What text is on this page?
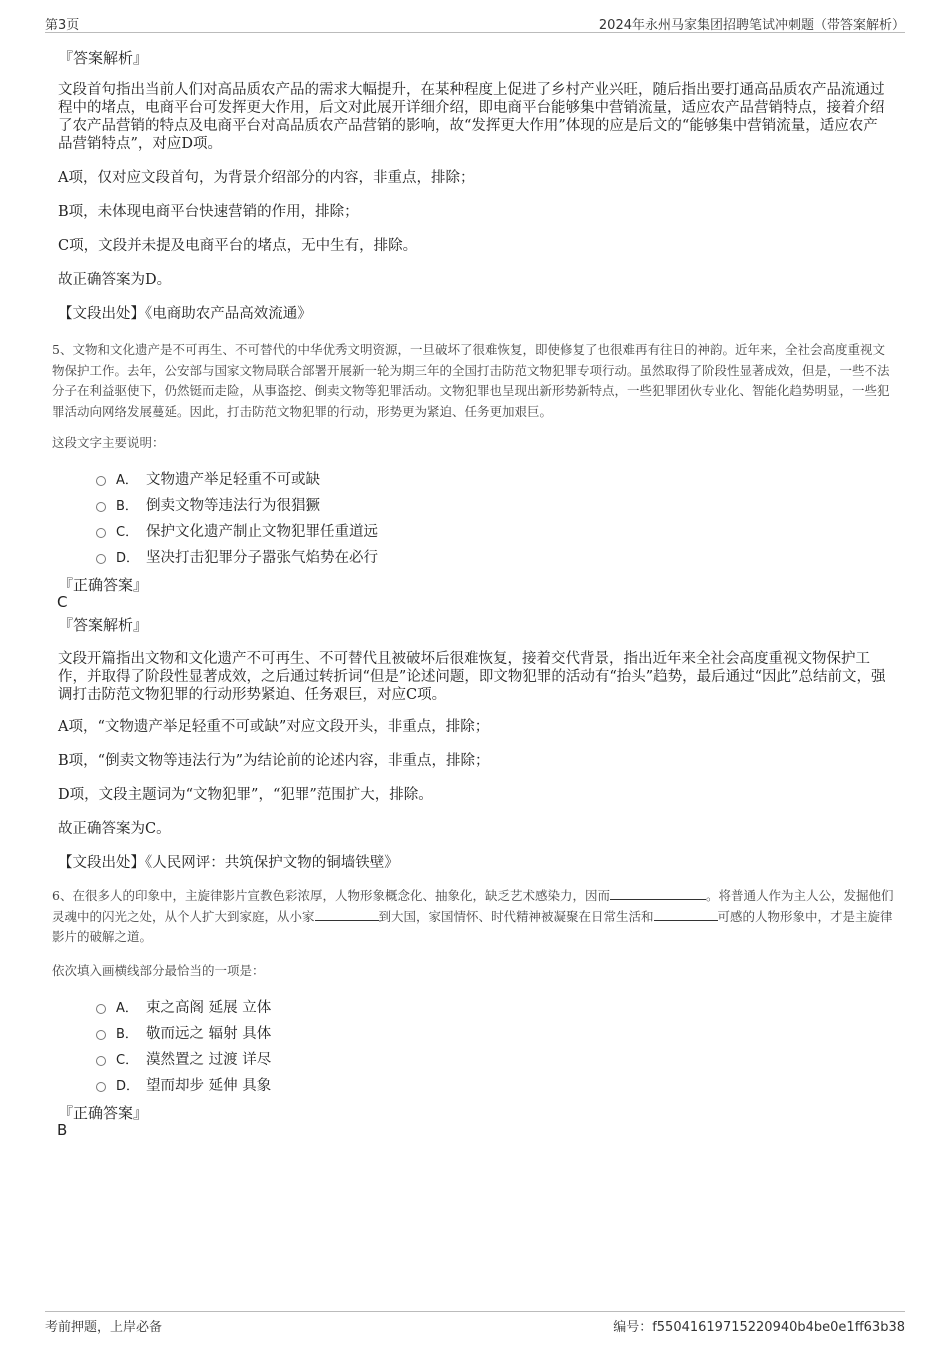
第3页	2024年永州马家集团招聘笔试冲刺题（带答案解析）
『答案解析』
文段首句指出当前人们对高品质农产品的需求大幅提升，在某种程度上促进了乡村产业兴旺，随后指出要打通高品质农产品流通过程中的堵点，电商平台可发挥更大作用，后文对此展开详细介绍，即电商平台能够集中营销流量，适应农产品营销特点，接着介绍了农产品营销的特点及电商平台对高品质农产品营销的影响，故“发挥更大作用”体现的应是后文的“能够集中营销流量，适应农产品营销特点”，对应D项。
A项，仅对应文段首句，为背景介绍部分的内容，非重点，排除；
B项，未体现电商平台快速营销的作用，排除；
C项，文段并未提及电商平台的堵点，无中生有，排除。
故正确答案为D。
【文段出处】《电商助农产品高效流通》
5、文物和文化遗产是不可再生、不可替代的中华优秀文明资源，一旦破坏了很难恢复，即使修复了也很难再有往日的神韵。近年来，全社会高度重视文物保护工作。去年，公安部与国家文物局联合部署开展新一轮为期三年的全国打击防范文物犯罪专项行动。虽然取得了阶段性显著成效，但是，一些不法分子在利益驱使下，仍然铤而走险，从事盗挖、倒卖文物等犯罪活动。文物犯罪也呈现出新形势新特点，一些犯罪团伙专业化、智能化趋势明显，一些犯罪活动向网络发展蔓延。因此，打击防范文物犯罪的行动，形势更为紧迫、任务更加艰巨。
这段文字主要说明：
A． 文物遗产举足轻重不可或缺
B． 倒卖文物等违法行为很猖獗
C． 保护文化遗产制止文物犯罪任重道远
D． 坚决打击犯罪分子嚣张气焰势在必行
『正确答案』
C
『答案解析』
文段开篇指出文物和文化遗产不可再生、不可替代且被破坏后很难恢复，接着交代背景，指出近年来全社会高度重视文物保护工作，并取得了阶段性显著成效，之后通过转折词“但是”论述问题，即文物犯罪的活动有“抬头”趋势，最后通过“因此”总结前文，强调打击防范文物犯罪的行动形势紧迫、任务艰巨，对应C项。
A项，“文物遗产举足轻重不可或缺”对应文段开头，非重点，排除；
B项，“倒卖文物等违法行为”为结论前的论述内容，非重点，排除；
D项，文段主题词为“文物犯罪”，“犯罪”范围扩大，排除。
故正确答案为C。
【文段出处】《人民网评：共筑保护文物的铜墙铁壁》
6、在很多人的印象中，主旋律影片宣教色彩浓厚，人物形象概念化、抽象化，缺乏艺术感染力，因而	。将普通人作为主人公，发掘他们灵魂中的闪光之处，从个人扩大到家庭，从小家	到大国，家国情怀、时代精神被凝聚在日常生活和	可感的人物形象中，才是主旋律影片的破解之道。
依次填入画横线部分最恰当的一项是：
A． 束之高阁 延展 立体
B． 敬而远之 辐射 具体
C． 漠然置之 过渡 详尽
D． 望而却步 延伸 具象
『正确答案』
B
考前押题，上岸必备	编号：f55041619715220940b4be0e1ff63b38
